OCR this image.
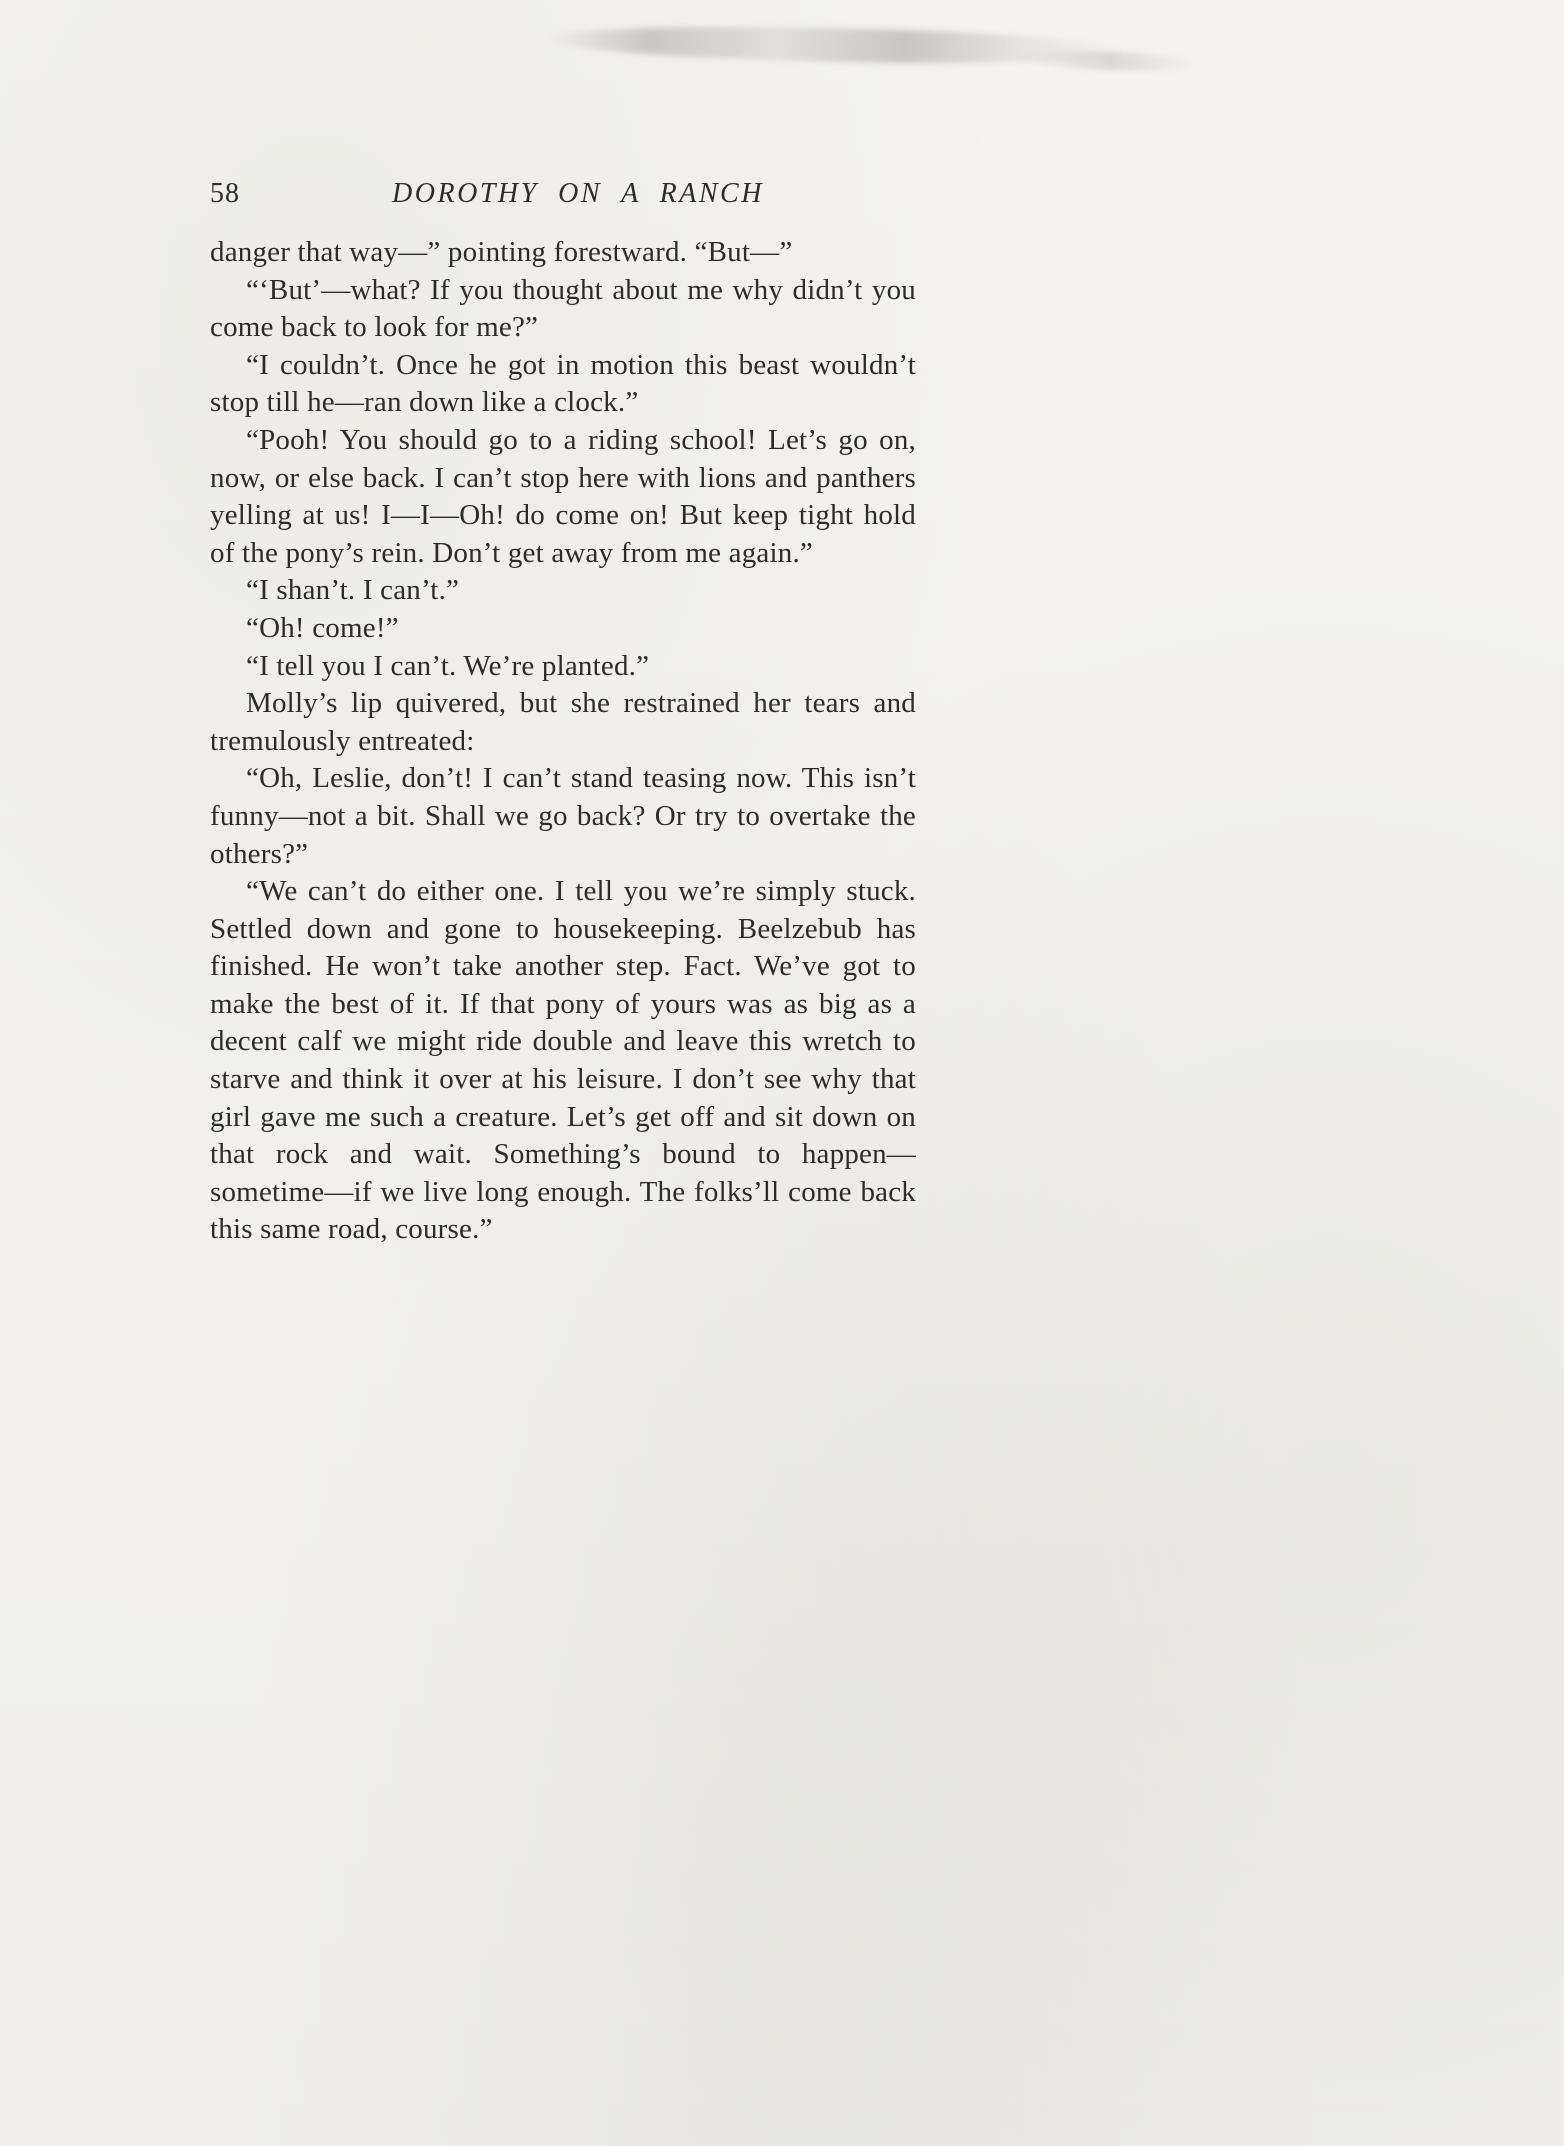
58	DOROTHY ON A RANCH

danger that way—” pointing forestward. “But—”

“‘But’—what? If you thought about me why didn’t you come back to look for me?”

“I couldn’t. Once he got in motion this beast wouldn’t stop till he—ran down like a clock.”

“Pooh! You should go to a riding school! Let’s go on, now, or else back. I can’t stop here with lions and panthers yelling at us! I—I—Oh! do come on! But keep tight hold of the pony’s rein. Don’t get away from me again.”

“I shan’t. I can’t.”

“Oh! come!”

“I tell you I can’t. We’re planted.”

Molly’s lip quivered, but she restrained her tears and tremulously entreated:

“Oh, Leslie, don’t! I can’t stand teasing now. This isn’t funny—not a bit. Shall we go back? Or try to overtake the others?”

“We can’t do either one. I tell you we’re simply stuck. Settled down and gone to housekeeping. Beelzebub has finished. He won’t take another step. Fact. We’ve got to make the best of it. If that pony of yours was as big as a decent calf we might ride double and leave this wretch to starve and think it over at his leisure. I don’t see why that girl gave me such a creature. Let’s get off and sit down on that rock and wait. Something’s bound to happen—sometime—if we live long enough. The folks’ll come back this same road, course.”
